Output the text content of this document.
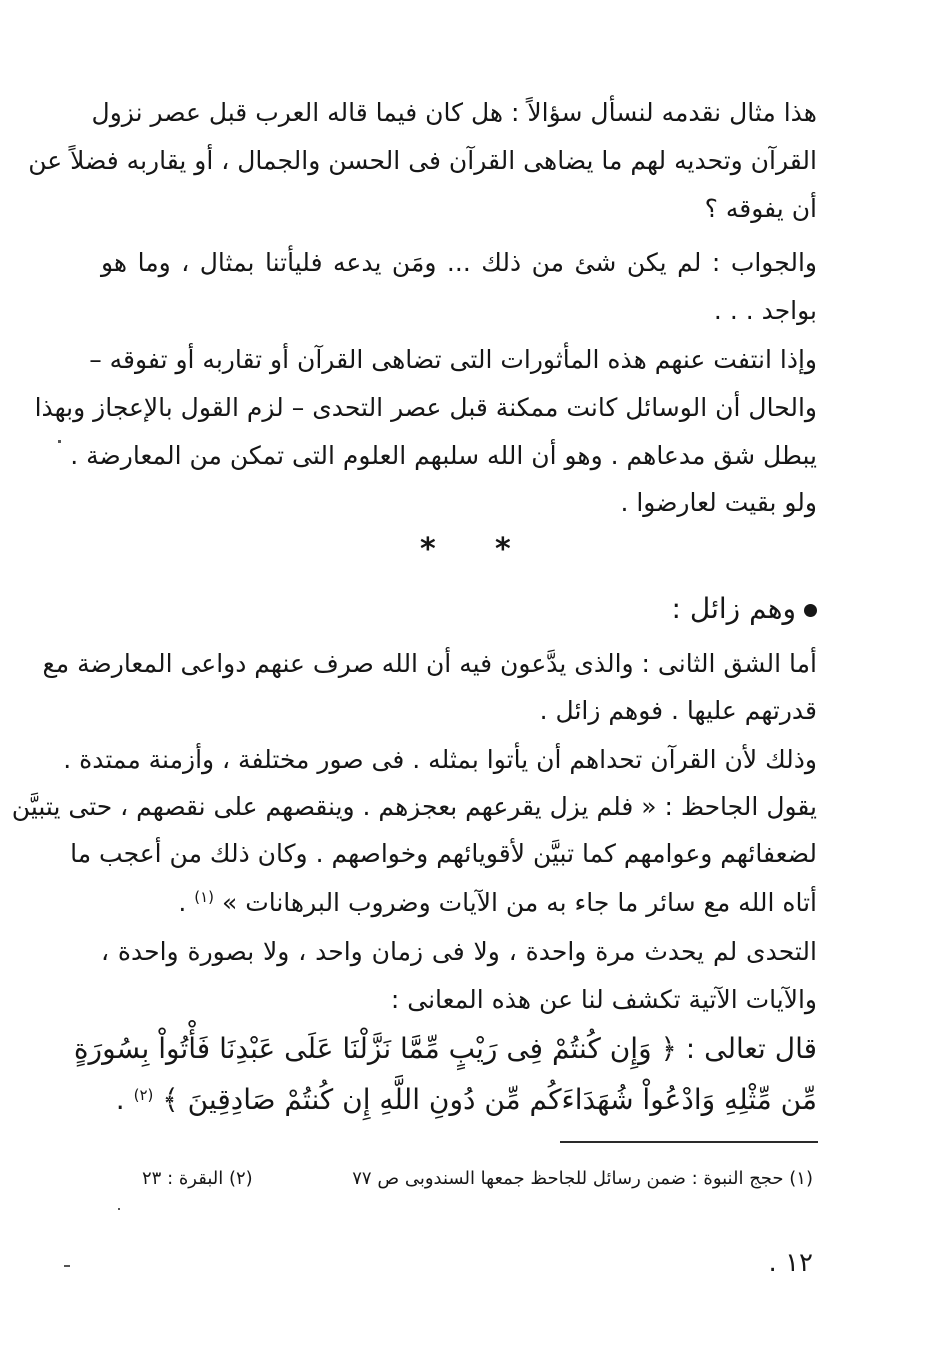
هذا مثال نقدمه لنسأل سؤالاً : هل كان فيما قاله العرب قبل عصر نزول
القرآن وتحديه لهم ما يضاهى القرآن فى الحسن والجمال ، أو يقاربه فضلاً عن
أن يفوقه ؟
والجواب : لم يكن شئ من ذلك ... ومَن يدعه فليأتنا بمثال ، وما هو
بواجد . . .
وإذا انتفت عنهم هذه المأثورات التى تضاهى القرآن أو تقاربه أو تفوقه –
والحال أن الوسائل كانت ممكنة قبل عصر التحدى – لزم القول بالإعجاز وبهذا
يبطل شق مدعاهم . وهو أن الله سلبهم العلوم التى تمكن من المعارضة .
ولو بقيت لعارضوا .
* *
وهم زائل :
أما الشق الثانى : والذى يدَّعون فيه أن الله صرف عنهم دواعى المعارضة مع
قدرتهم عليها . فوهم زائل .
وذلك لأن القرآن تحداهم أن يأتوا بمثله . فى صور مختلفة ، وأزمنة ممتدة .
يقول الجاحظ : « فلم يزل يقرعهم بعجزهم . وينقصهم على نقصهم ، حتى يتبيَّن
لضعفائهم وعوامهم كما تبيَّن لأقويائهم وخواصهم . وكان ذلك من أعجب ما
أتاه الله مع سائر ما جاء به من الآيات وضروب البرهانات » $^{(١)}$ .
التحدى لم يحدث مرة واحدة ، ولا فى زمان واحد ، ولا بصورة واحدة ،
والآيات الآتية تكشف لنا عن هذه المعانى :
قال تعالى : ﴿ وَإِن كُنتُمْ فِى رَيْبٍ مِّمَّا نَزَّلْنَا عَلَى عَبْدِنَا فَأْتُواْ بِسُورَةٍ
مِّن مِّثْلِهِ وَادْعُواْ شُهَدَاءَكُم مِّن دُونِ اللَّهِ إِن كُنتُمْ صَادِقِينَ ﴾ $^{(٢)}$ .
(١) حجج النبوة : ضمن رسائل للجاحظ جمعها السندوبى ص ٧٧
(٢) البقرة : ٢٣
١٢ .
